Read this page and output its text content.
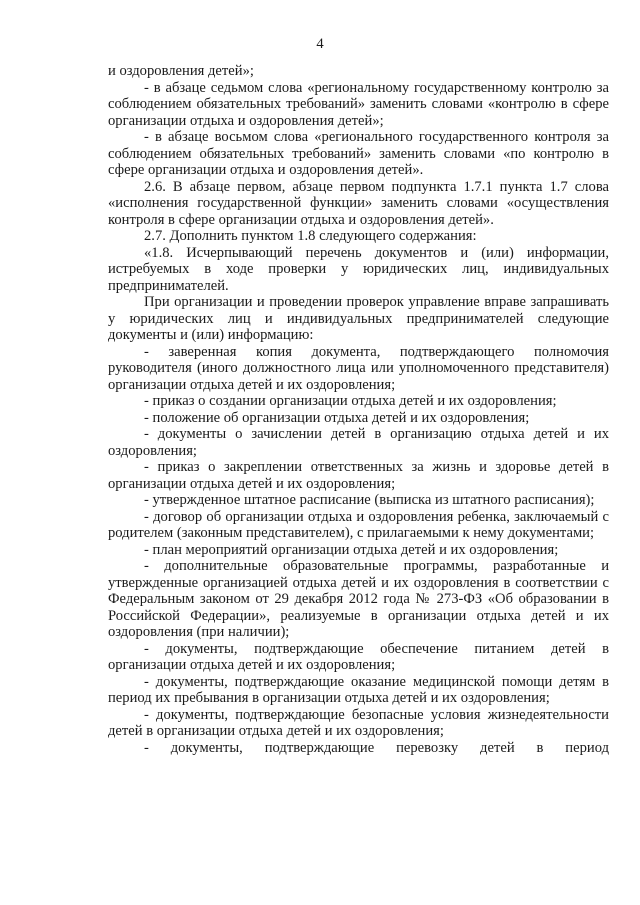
4

и оздоровления детей»;

- в абзаце седьмом слова «региональному государственному контролю за соблюдением обязательных требований» заменить словами «контролю в сфере организации отдыха и оздоровления детей»;

- в абзаце восьмом слова «регионального государственного контроля за соблюдением обязательных требований» заменить словами «по контролю в сфере организации отдыха и оздоровления детей».

2.6. В абзаце первом, абзаце первом подпункта 1.7.1 пункта 1.7 слова «исполнения государственной функции» заменить словами «осуществления контроля в сфере организации отдыха и оздоровления детей».

2.7. Дополнить пунктом 1.8 следующего содержания:

«1.8. Исчерпывающий перечень документов и (или) информации, истребуемых в ходе проверки у юридических лиц, индивидуальных предпринимателей.

При организации и проведении проверок управление вправе запрашивать у юридических лиц и индивидуальных предпринимателей следующие документы и (или) информацию:

- заверенная копия документа, подтверждающего полномочия руководителя (иного должностного лица или уполномоченного представителя) организации отдыха детей и их оздоровления;

- приказ о создании организации отдыха детей и их оздоровления;

- положение об организации отдыха детей и их оздоровления;

- документы о зачислении детей в организацию отдыха детей и их оздоровления;

- приказ о закреплении ответственных за жизнь и здоровье детей в организации отдыха детей и их оздоровления;

- утвержденное штатное расписание (выписка из штатного расписания);

- договор об организации отдыха и оздоровления ребенка, заключаемый с родителем (законным представителем), с прилагаемыми к нему документами;

- план мероприятий организации отдыха детей и их оздоровления;

- дополнительные образовательные программы, разработанные и утвержденные организацией отдыха детей и их оздоровления в соответствии с Федеральным законом от 29 декабря 2012 года № 273-ФЗ «Об образовании в Российской Федерации», реализуемые в организации отдыха детей и их оздоровления (при наличии);

- документы, подтверждающие обеспечение питанием детей в организации отдыха детей и их оздоровления;

- документы, подтверждающие оказание медицинской помощи детям в период их пребывания в организации отдыха детей и их оздоровления;

- документы, подтверждающие безопасные условия жизнедеятельности детей в организации отдыха детей и их оздоровления;

- документы, подтверждающие перевозку детей в период
